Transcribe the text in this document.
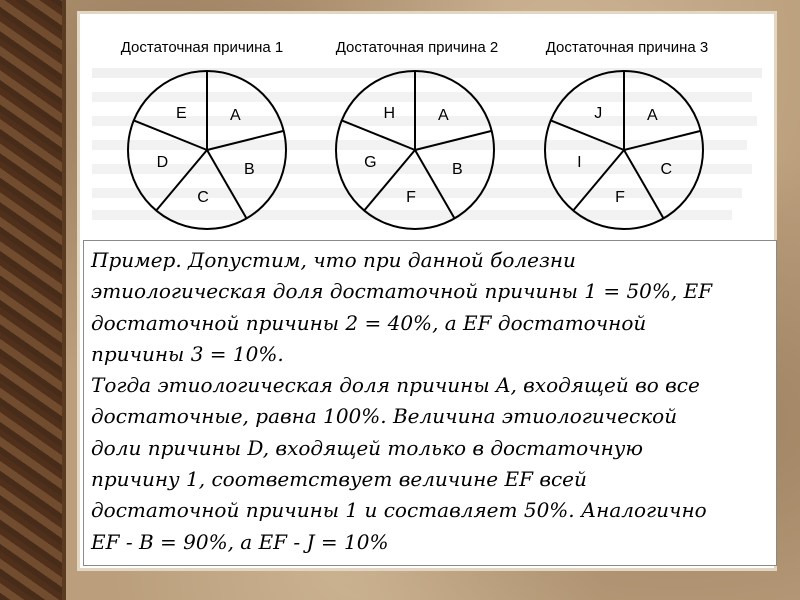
Достаточная причина 1	Достаточная причина 2	Достаточная причина 3
E	A
B
C
D
H	A
B
F
G
J	A
C
F
I

Пример. Допустим, что при данной болезни
этиологическая доля достаточной причины 1 = 50%, EF
достаточной причины 2 = 40%, а EF достаточной
причины 3 = 10%.
Тогда этиологическая доля причины A, входящей во все
достаточные, равна 100%. Величина этиологической
доли причины D, входящей только в достаточную
причину 1, соответствует величине EF всей
достаточной причины 1 и составляет 50%. Аналогично
EF - B = 90%, а EF - J = 10%
